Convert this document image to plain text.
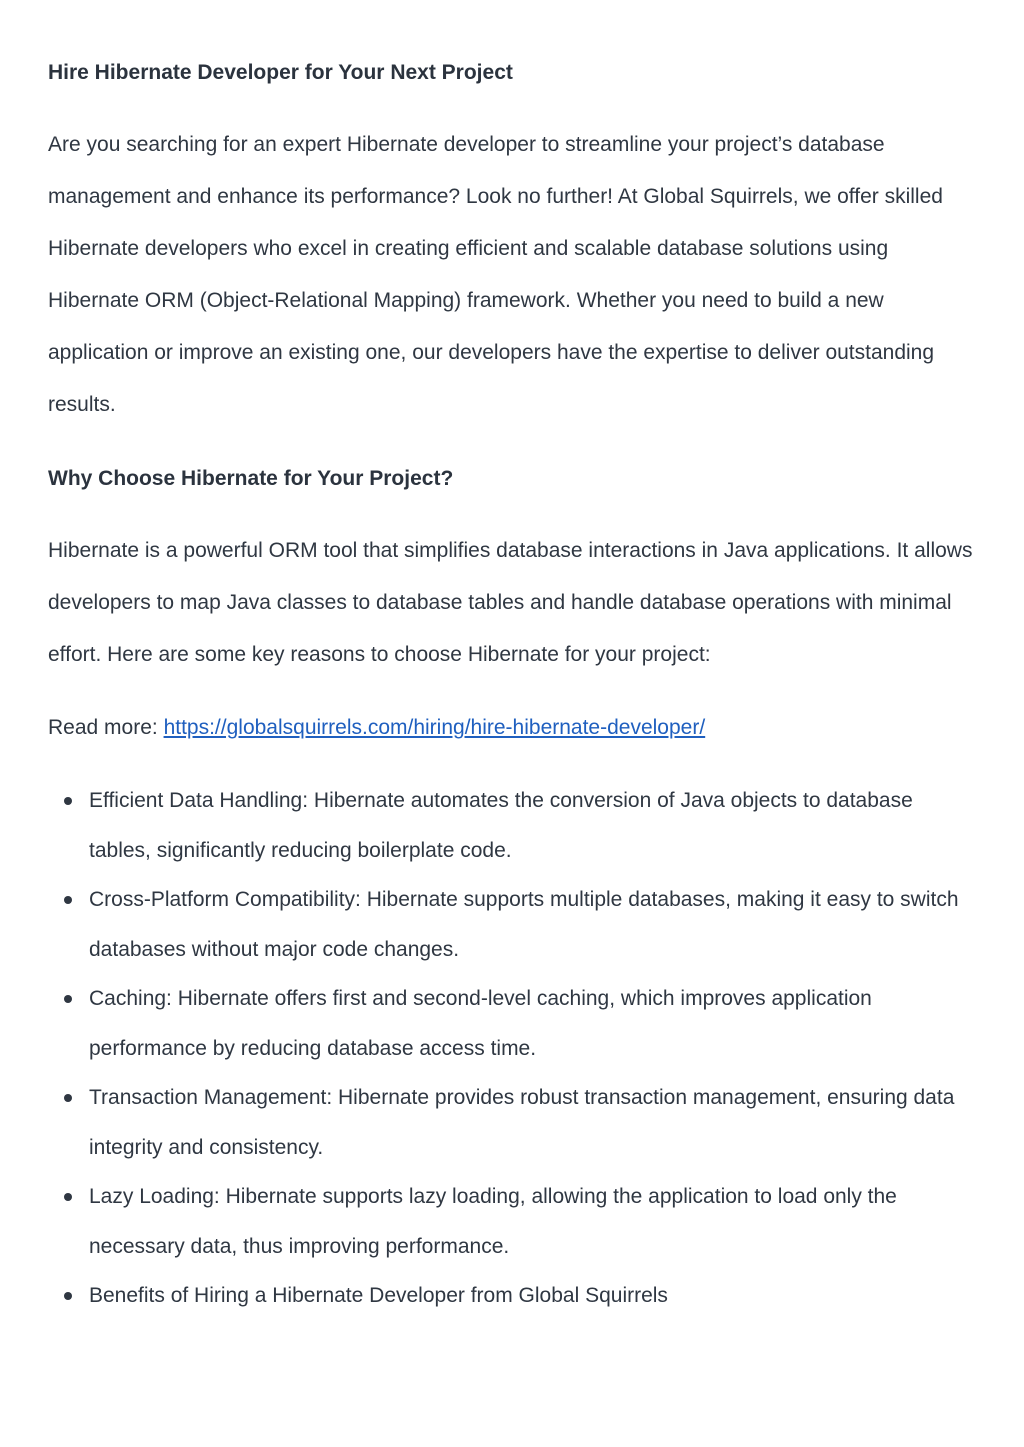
Hire Hibernate Developer for Your Next Project

Are you searching for an expert Hibernate developer to streamline your project’s database management and enhance its performance? Look no further! At Global Squirrels, we offer skilled Hibernate developers who excel in creating efficient and scalable database solutions using Hibernate ORM (Object-Relational Mapping) framework. Whether you need to build a new application or improve an existing one, our developers have the expertise to deliver outstanding results.

Why Choose Hibernate for Your Project?

Hibernate is a powerful ORM tool that simplifies database interactions in Java applications. It allows developers to map Java classes to database tables and handle database operations with minimal effort. Here are some key reasons to choose Hibernate for your project:

Read more: https://globalsquirrels.com/hiring/hire-hibernate-developer/
Efficient Data Handling: Hibernate automates the conversion of Java objects to database tables, significantly reducing boilerplate code.
Cross-Platform Compatibility: Hibernate supports multiple databases, making it easy to switch databases without major code changes.
Caching: Hibernate offers first and second-level caching, which improves application performance by reducing database access time.
Transaction Management: Hibernate provides robust transaction management, ensuring data integrity and consistency.
Lazy Loading: Hibernate supports lazy loading, allowing the application to load only the necessary data, thus improving performance.
Benefits of Hiring a Hibernate Developer from Global Squirrels
